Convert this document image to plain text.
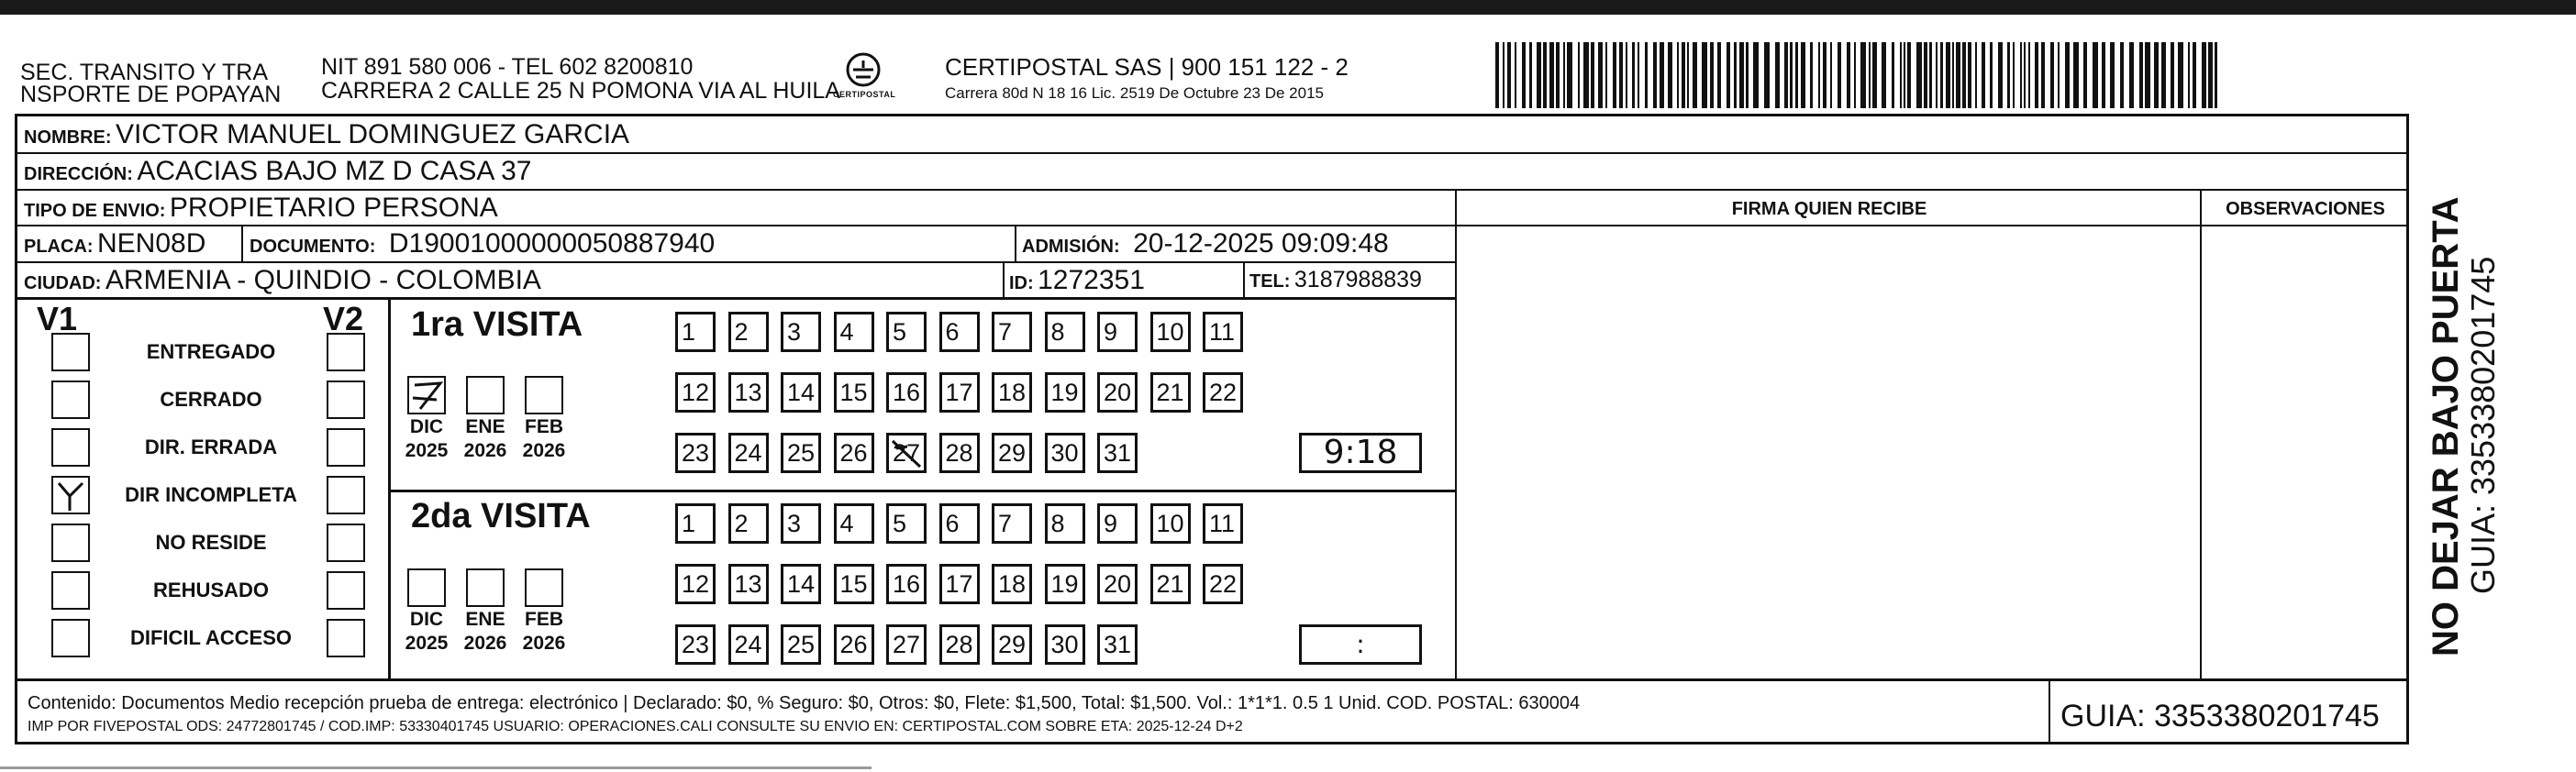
SEC. TRANSITO Y TRA
NSPORTE DE POPAYAN
NIT 891 580 006 - TEL 602 8200810
CARRERA 2 CALLE 25 N POMONA VIA AL HUILA
CERTIPOSTAL
CERTIPOSTAL SAS | 900 151 122 - 2
Carrera 80d N 18 16 Lic. 2519 De Octubre 23 De 2015
NOMBRE: VICTOR MANUEL DOMINGUEZ GARCIA
DIRECCIÓN: ACACIAS BAJO MZ D CASA 37
TIPO DE ENVIO: PROPIETARIO PERSONA	FIRMA QUIEN RECIBE	OBSERVACIONES
PLACA: NEN08D DOCUMENTO: D19001000000050887940	ADMISIÓN: 20-12-2025 09:09:48
CIUDAD: ARMENIA - QUINDIO - COLOMBIA	ID: 1272351	TEL: 3187988839
V1	V2 1ra VISITA
2da VISITA
Contenido: Documentos Medio recepción prueba de entrega: electrónico | Declarado: $0, % Seguro: $0, Otros: $0, Flete: $1,500, Total: $1,500. Vol.: 1*1*1. 0.5 1 Unid. COD. POSTAL: 630004
IMP POR FIVEPOSTAL ODS: 24772801745 / COD.IMP: 53330401745 USUARIO: OPERACIONES.CALI CONSULTE SU ENVIO EN: CERTIPOSTAL.COM SOBRE ETA: 2025-12-24 D+2	GUIA: 3353380201745
NO DEJAR BAJO PUERTA
GUIA: 3353380201745
ENTREGADO
CERRADO
DIR. ERRADA
DIR INCOMPLETA
NO RESIDE
REHUSADO
DIFICIL ACCESO
DIC
2025
ENE
2026
FEB
2026
DIC
2025
ENE
2026
FEB
2026
1	2	3	4	5	6	7	8	9	10 11
12 13 14 15 16 17 18 19 20 21 22
23 24 25 26 27 28 29 30 31	9:18
1	2	3	4	5	6	7	8	9	10 11
12 13 14 15 16 17 18 19 20 21 22
23 24 25 26 27 28 29 30 31	:
